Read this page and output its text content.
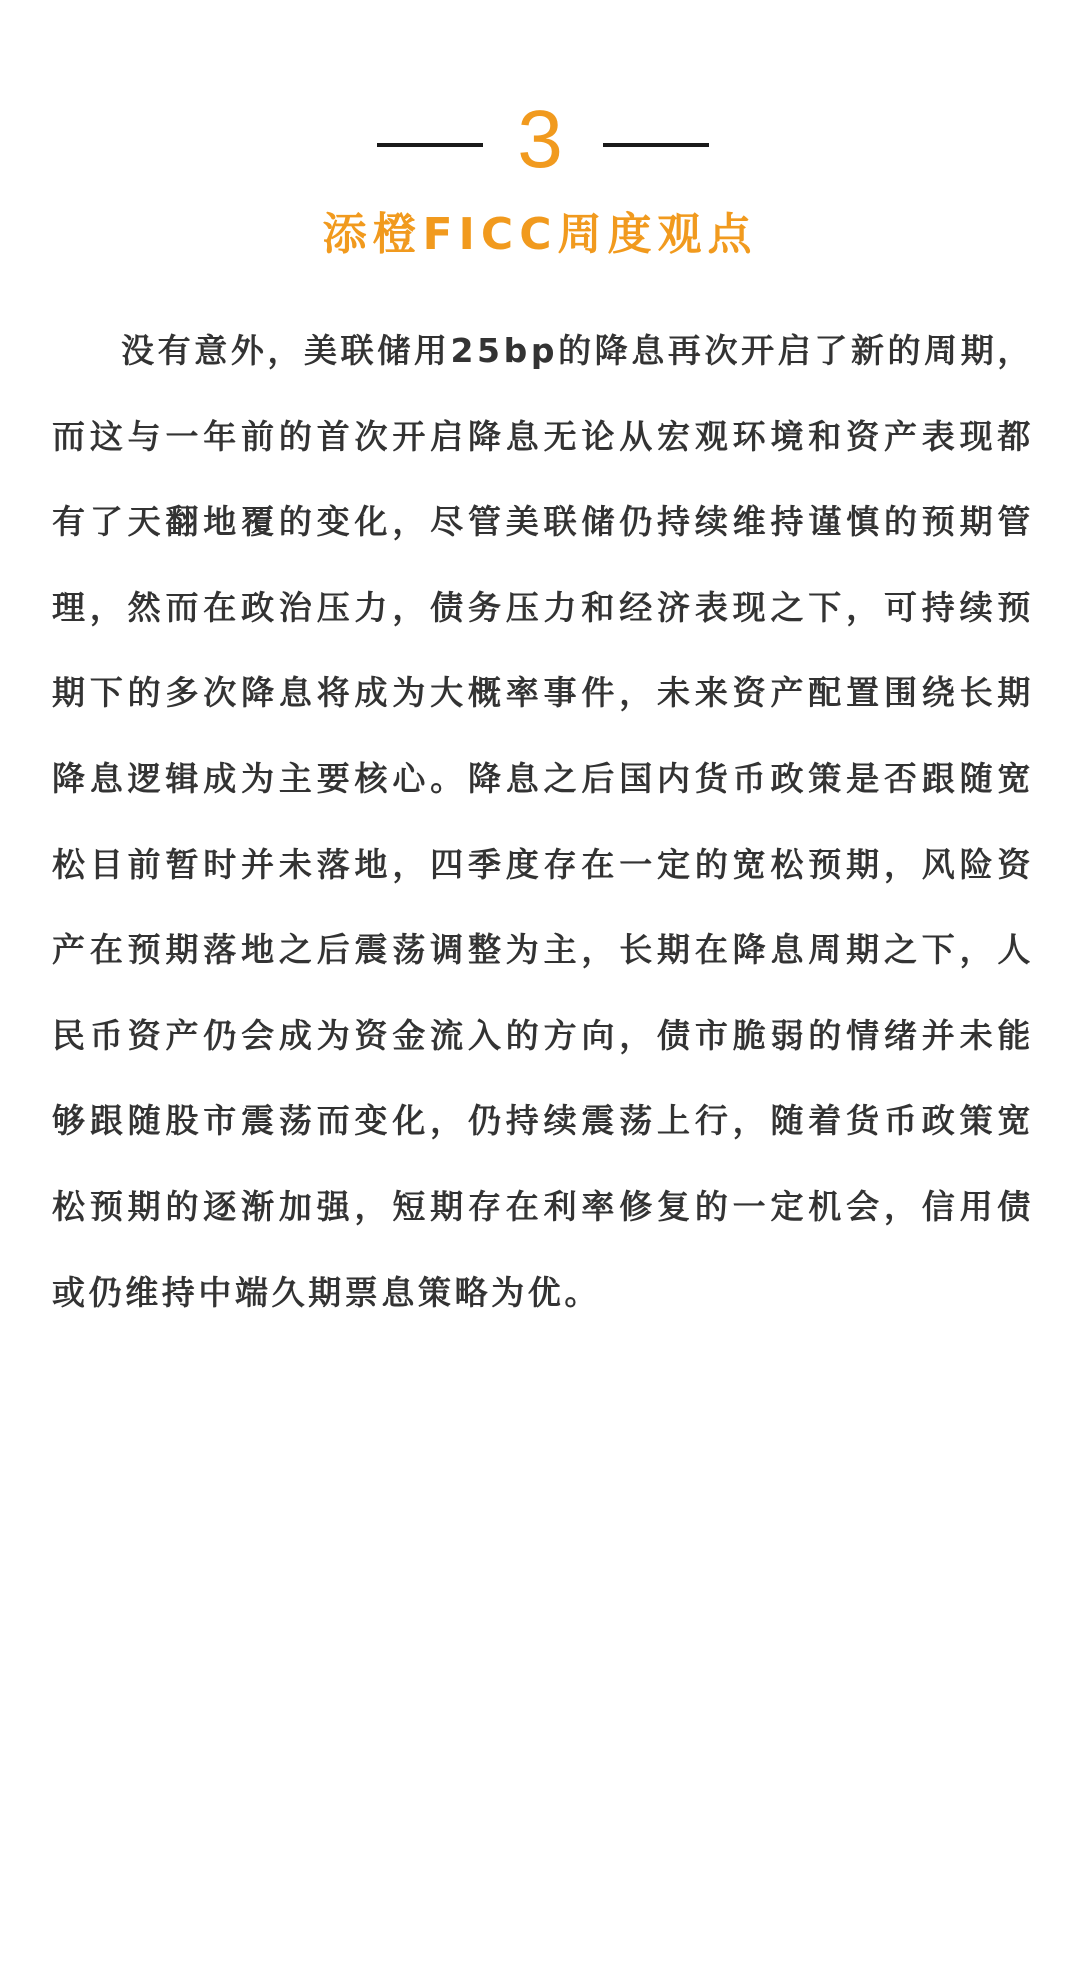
3
添橙FICC周度观点

没有意外，美联储用25bp的降息再次开启了新的周期，而这与一年前的首次开启降息无论从宏观环境和资产表现都有了天翻地覆的变化，尽管美联储仍持续维持谨慎的预期管理，然而在政治压力，债务压力和经济表现之下，可持续预期下的多次降息将成为大概率事件，未来资产配置围绕长期降息逻辑成为主要核心。降息之后国内货币政策是否跟随宽松目前暂时并未落地，四季度存在一定的宽松预期，风险资产在预期落地之后震荡调整为主，长期在降息周期之下，人民币资产仍会成为资金流入的方向，债市脆弱的情绪并未能够跟随股市震荡而变化，仍持续震荡上行，随着货币政策宽松预期的逐渐加强，短期存在利率修复的一定机会，信用债或仍维持中端久期票息策略为优。
